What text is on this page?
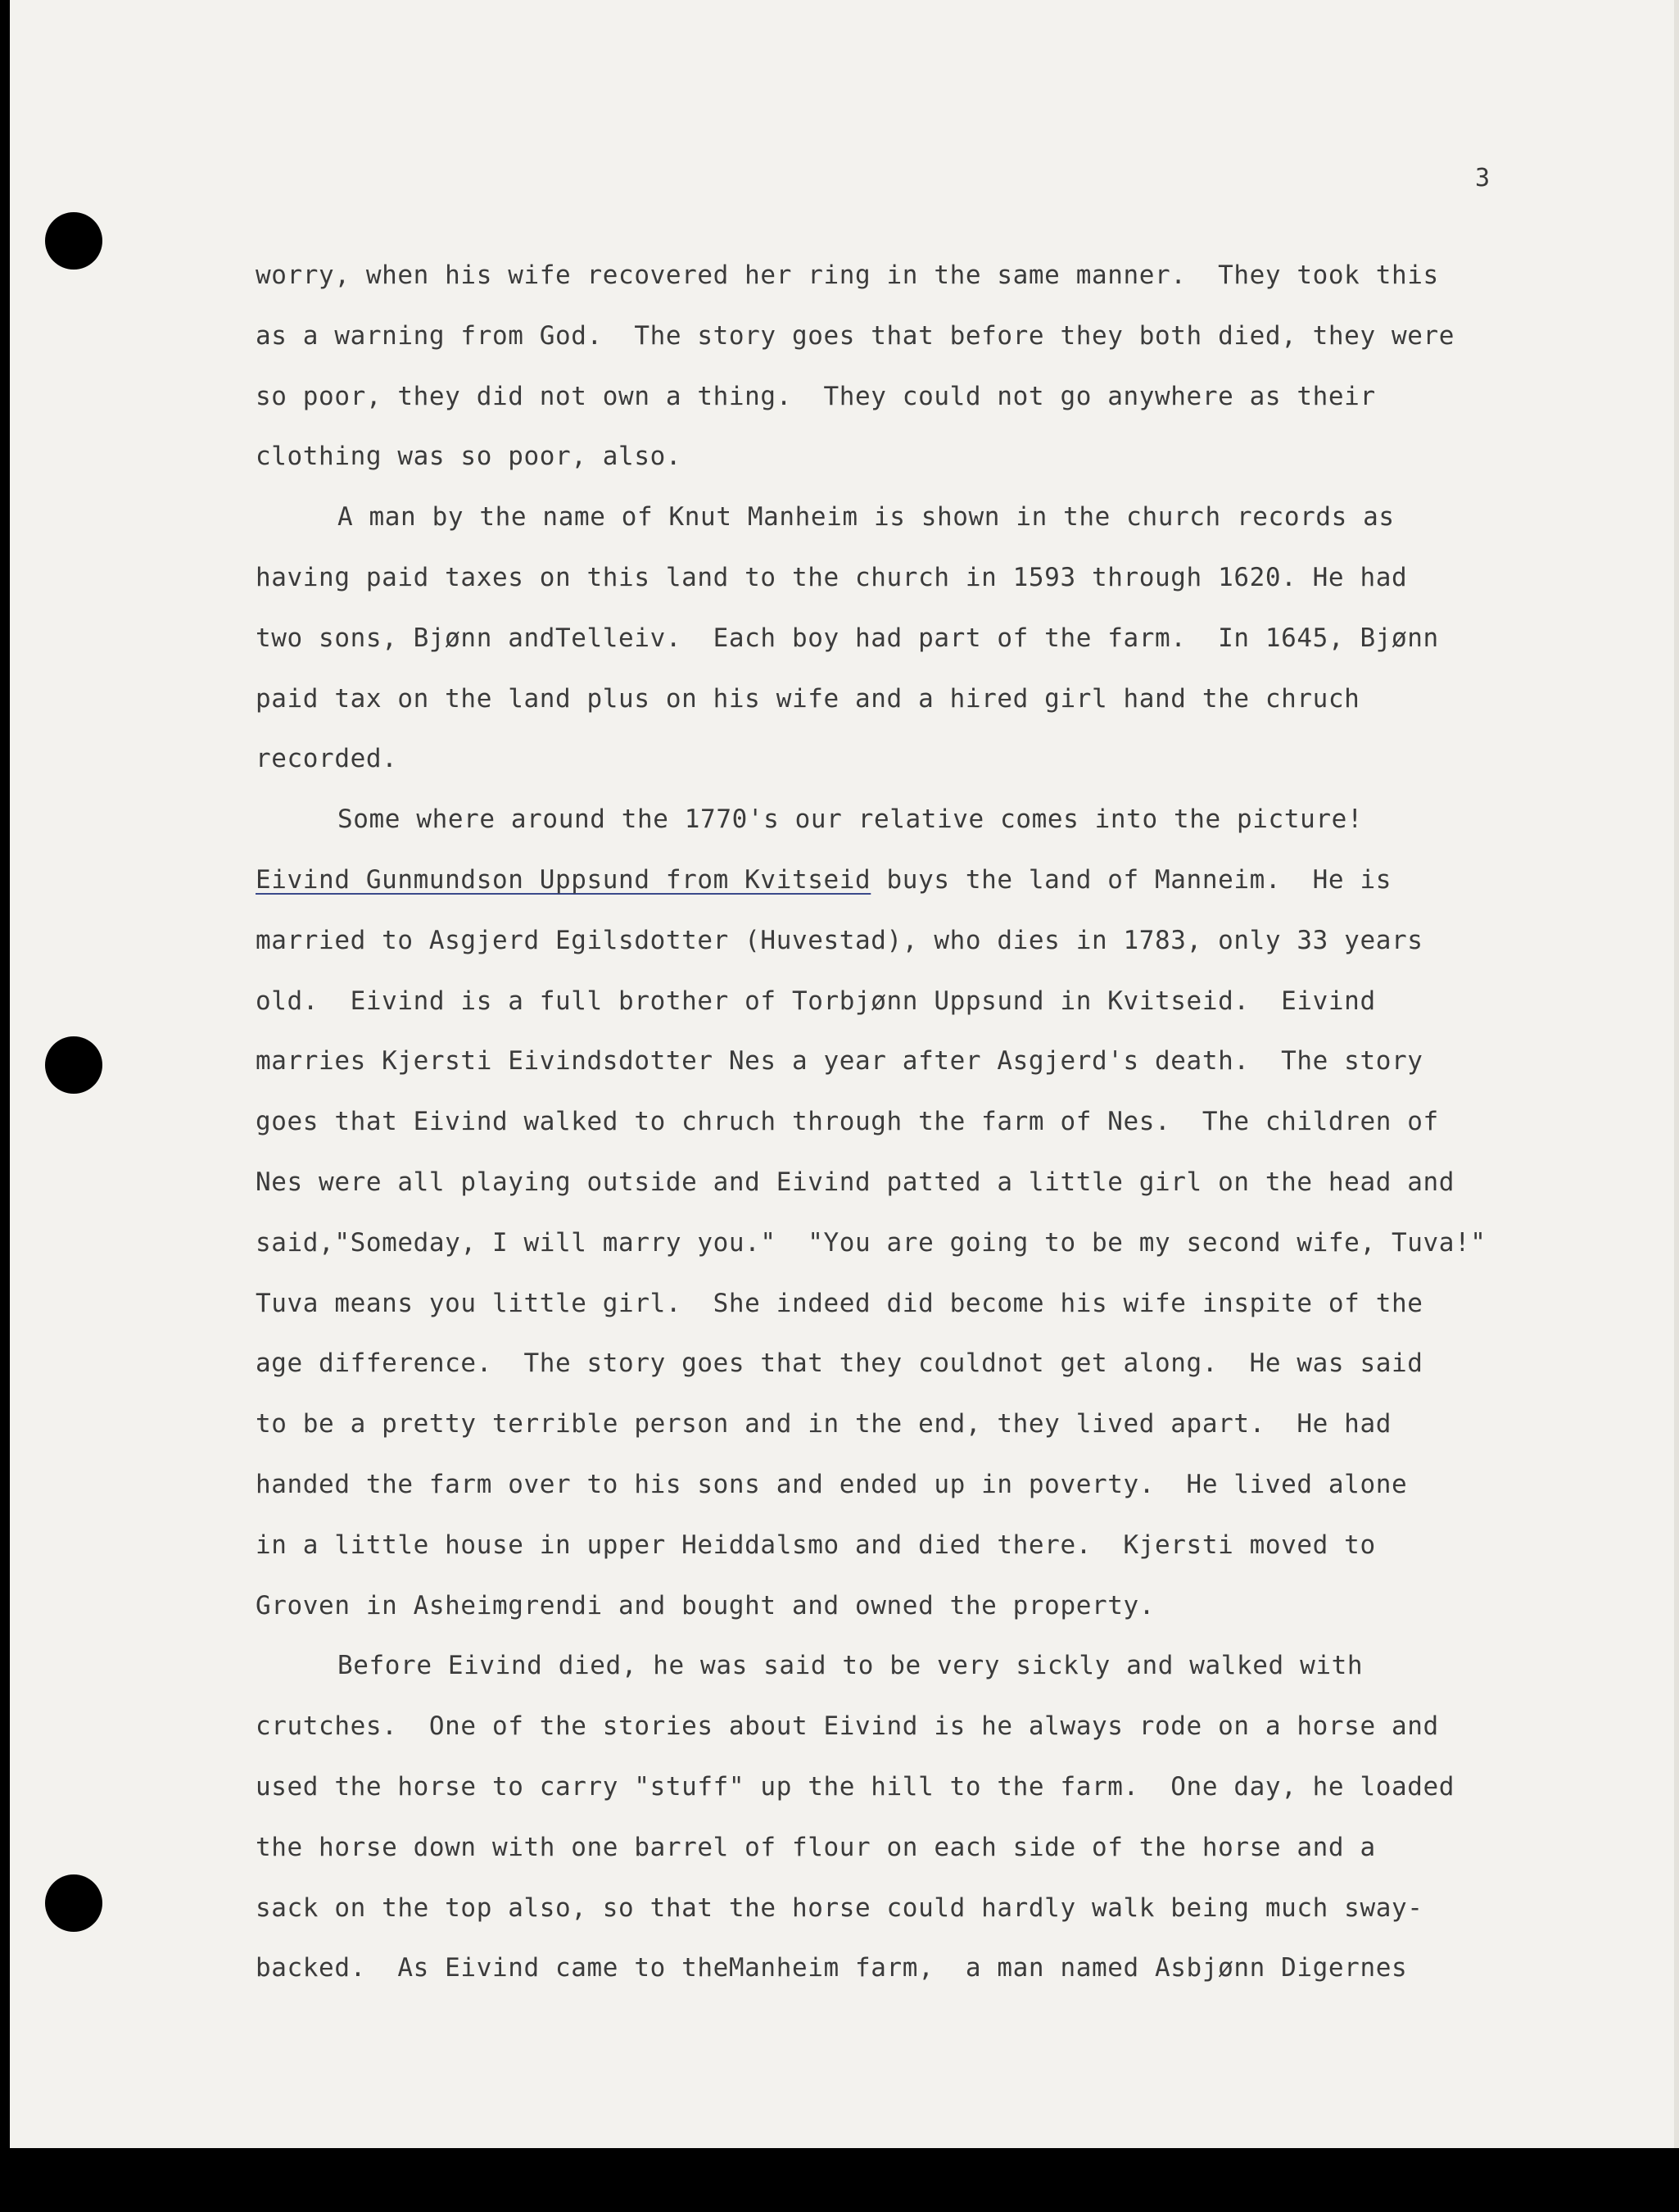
3
worry, when his wife recovered her ring in the same manner.  They took this
as a warning from God.  The story goes that before they both died, they were
so poor, they did not own a thing.  They could not go anywhere as their
clothing was so poor, also.
A man by the name of Knut Manheim is shown in the church records as
having paid taxes on this land to the church in 1593 through 1620. He had
two sons, Bjønn andTelleiv.  Each boy had part of the farm.  In 1645, Bjønn
paid tax on the land plus on his wife and a hired girl hand the chruch
recorded.
Some where around the 1770's our relative comes into the picture!
Eivind Gunmundson Uppsund from Kvitseid buys the land of Manneim.  He is
married to Asgjerd Egilsdotter (Huvestad), who dies in 1783, only 33 years
old.  Eivind is a full brother of Torbjønn Uppsund in Kvitseid.  Eivind
marries Kjersti Eivindsdotter Nes a year after Asgjerd's death.  The story
goes that Eivind walked to chruch through the farm of Nes.  The children of
Nes were all playing outside and Eivind patted a little girl on the head and
said,"Someday, I will marry you."  "You are going to be my second wife, Tuva!"
Tuva means you little girl.  She indeed did become his wife inspite of the
age difference.  The story goes that they couldnot get along.  He was said
to be a pretty terrible person and in the end, they lived apart.  He had
handed the farm over to his sons and ended up in poverty.  He lived alone
in a little house in upper Heiddalsmo and died there.  Kjersti moved to
Groven in Asheimgrendi and bought and owned the property.
Before Eivind died, he was said to be very sickly and walked with
crutches.  One of the stories about Eivind is he always rode on a horse and
used the horse to carry "stuff" up the hill to the farm.  One day, he loaded
the horse down with one barrel of flour on each side of the horse and a
sack on the top also, so that the horse could hardly walk being much sway-
backed.  As Eivind came to theManheim farm,  a man named Asbjønn Digernes
